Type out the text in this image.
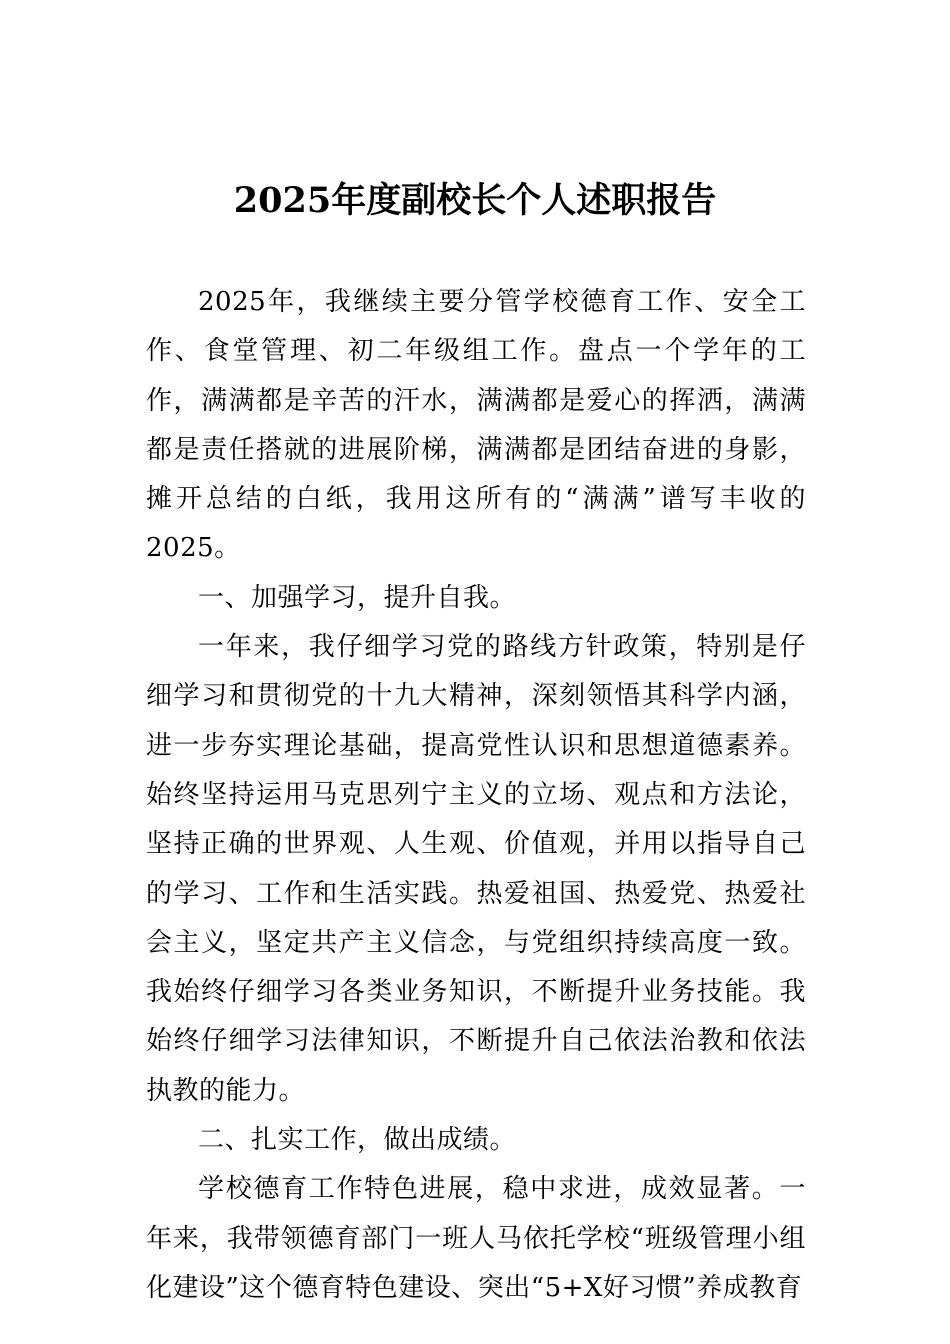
2025年度副校长个人述职报告

2025年，我继续主要分管学校德育工作、安全工作、食堂管理、初二年级组工作。盘点一个学年的工作，满满都是辛苦的汗水，满满都是爱心的挥洒，满满都是责任搭就的进展阶梯，满满都是团结奋进的身影，摊开总结的白纸，我用这所有的“满满”谱写丰收的2025。

一、加强学习，提升自我。

一年来，我仔细学习党的路线方针政策，特别是仔细学习和贯彻党的十九大精神，深刻领悟其科学内涵，进一步夯实理论基础，提高党性认识和思想道德素养。始终坚持运用马克思列宁主义的立场、观点和方法论，坚持正确的世界观、人生观、价值观，并用以指导自己的学习、工作和生活实践。热爱祖国、热爱党、热爱社会主义，坚定共产主义信念，与党组织持续高度一致。我始终仔细学习各类业务知识，不断提升业务技能。我始终仔细学习法律知识，不断提升自己依法治教和依法执教的能力。

二、扎实工作，做出成绩。

学校德育工作特色进展，稳中求进，成效显著。一年来，我带领德育部门一班人马依托学校“班级管理小组化建设”这个德育特色建设、突出“5+X好习惯”养成教育
